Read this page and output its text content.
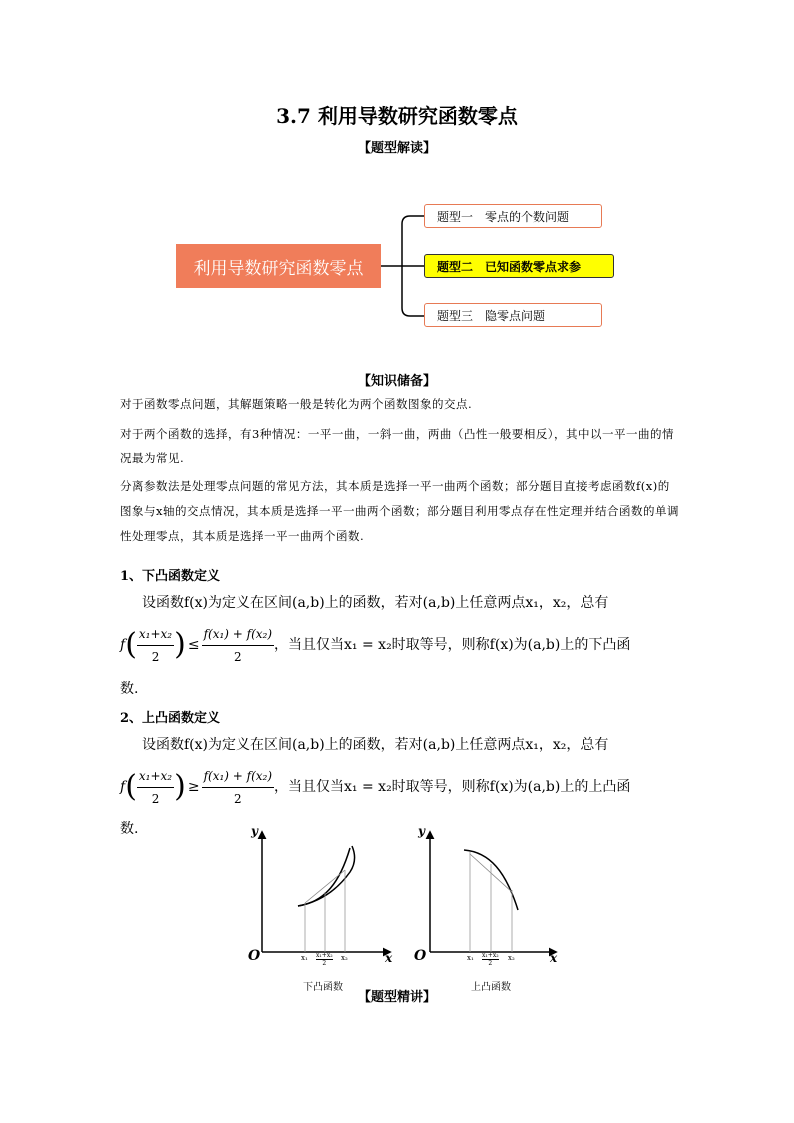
3.7 利用导数研究函数零点
【题型解读】
利用导数研究函数零点
题型一　零点的个数问题
题型二　已知函数零点求参
题型三　隐零点问题
【知识储备】
对于函数零点问题，其解题策略一般是转化为两个函数图象的交点.
对于两个函数的选择，有3种情况：一平一曲，一斜一曲，两曲（凸性一般要相反），其中以一平一曲的情况最为常见.
分离参数法是处理零点问题的常见方法，其本质是选择一平一曲两个函数；部分题目直接考虑函数f(x)的图象与x轴的交点情况，其本质是选择一平一曲两个函数；部分题目利用零点存在性定理并结合函数的单调性处理零点，其本质是选择一平一曲两个函数.
1、下凸函数定义
设函数f(x)为定义在区间(a,b)上的函数，若对(a,b)上任意两点x₁，x₂，总有
f ( $\frac{\text{x₁+x₂}}{2}$ ) ≤ $\frac{\text{f(x₁) + f(x₂)}}{2}$ ，当且仅当x₁ = x₂时取等号，则称f(x)为(a,b)上的下凸函
数.
2、上凸函数定义
设函数f(x)为定义在区间(a,b)上的函数，若对(a,b)上任意两点x₁，x₂，总有
f ( $\frac{\text{x₁+x₂}}{2}$ ) ≥ $\frac{\text{f(x₁) + f(x₂)}}{2}$ ，当且仅当x₁ = x₂时取等号，则称f(x)为(a,b)上的上凸函
数.	y
x
O	x₁ x₁+x₂
2
x₂
下凸函数
y
x
O	x₁ x₁+x₂
2
x₂
上凸函数
【题型精讲】
